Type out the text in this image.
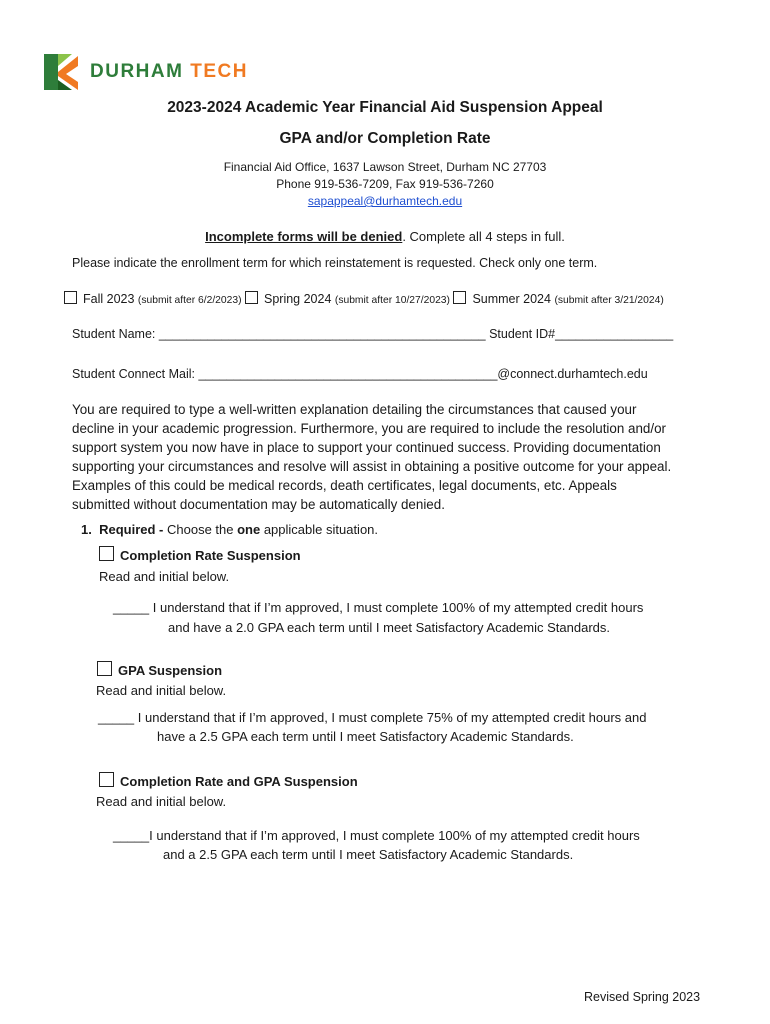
DURHAM TECH
2023-2024 Academic Year Financial Aid Suspension Appeal
GPA and/or Completion Rate
Financial Aid Office, 1637 Lawson Street, Durham NC 27703
Phone 919-536-7209, Fax 919-536-7260
sapappeal@durhamtech.edu
Incomplete forms will be denied. Complete all 4 steps in full.
Please indicate the enrollment term for which reinstatement is requested. Check only one term.
Fall 2023 (submit after 6/2/2023) Spring 2024 (submit after 10/27/2023) Summer 2024 (submit after 3/21/2024)
Student Name: _______________________________________________ Student ID#_________________
Student Connect Mail: ___________________________________________@connect.durhamtech.edu
You are required to type a well-written explanation detailing the circumstances that caused your
decline in your academic progression. Furthermore, you are required to include the resolution and/or
support system you now have in place to support your continued success. Providing documentation
supporting your circumstances and resolve will assist in obtaining a positive outcome for your appeal.
Examples of this could be medical records, death certificates, legal documents, etc. Appeals
submitted without documentation may be automatically denied.
1. Required - Choose the one applicable situation.
Completion Rate Suspension
Read and initial below.
_____ I understand that if I’m approved, I must complete 100% of my attempted credit hours
and have a 2.0 GPA each term until I meet Satisfactory Academic Standards.
GPA Suspension
Read and initial below.
_____ I understand that if I’m approved, I must complete 75% of my attempted credit hours and
have a 2.5 GPA each term until I meet Satisfactory Academic Standards.
Completion Rate and GPA Suspension
Read and initial below.
_____I understand that if I’m approved, I must complete 100% of my attempted credit hours
and a 2.5 GPA each term until I meet Satisfactory Academic Standards.
Revised Spring 2023
